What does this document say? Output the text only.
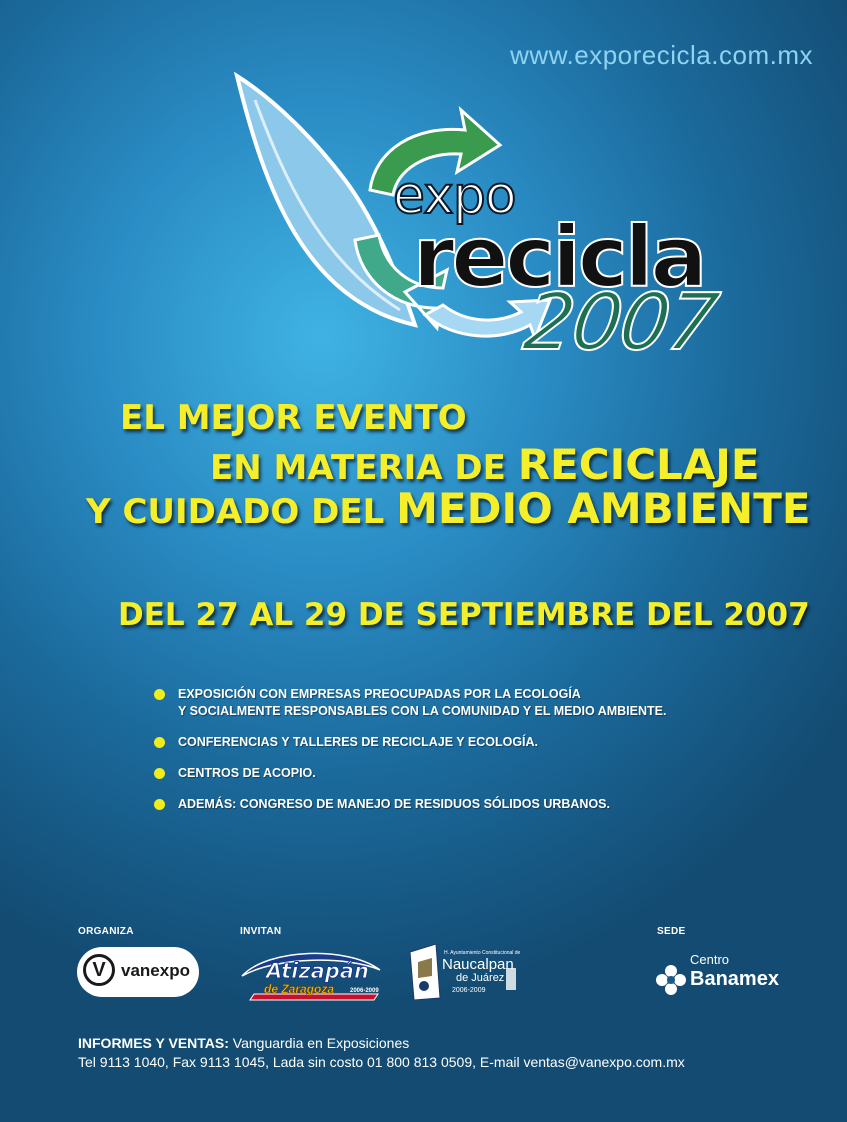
www.exporecicla.com.mx
expo
recicla
2007
EL MEJOR EVENTO
EN MATERIA DE RECICLAJE
Y CUIDADO DEL MEDIO AMBIENTE
DEL 27 AL 29 DE SEPTIEMBRE DEL 2007
EXPOSICIÓN CON EMPRESAS PREOCUPADAS POR LA ECOLOGÍA
Y SOCIALMENTE RESPONSABLES CON LA COMUNIDAD Y EL MEDIO AMBIENTE.
CONFERENCIAS Y TALLERES DE RECICLAJE Y ECOLOGÍA.
CENTROS DE ACOPIO.
ADEMÁS: CONGRESO DE MANEJO DE RESIDUOS SÓLIDOS URBANOS.
ORGANIZA	INVITAN	SEDE
V vanexpo	Atizapán
de Zaragoza	2006-2009
H. Ayuntamiento Constitucional de
Naucalpan
de Juárez
2006-2009
Centro
Banamex
INFORMES Y VENTAS: Vanguardia en Exposiciones
Tel 9113 1040, Fax 9113 1045, Lada sin costo 01 800 813 0509, E-mail ventas@vanexpo.com.mx
